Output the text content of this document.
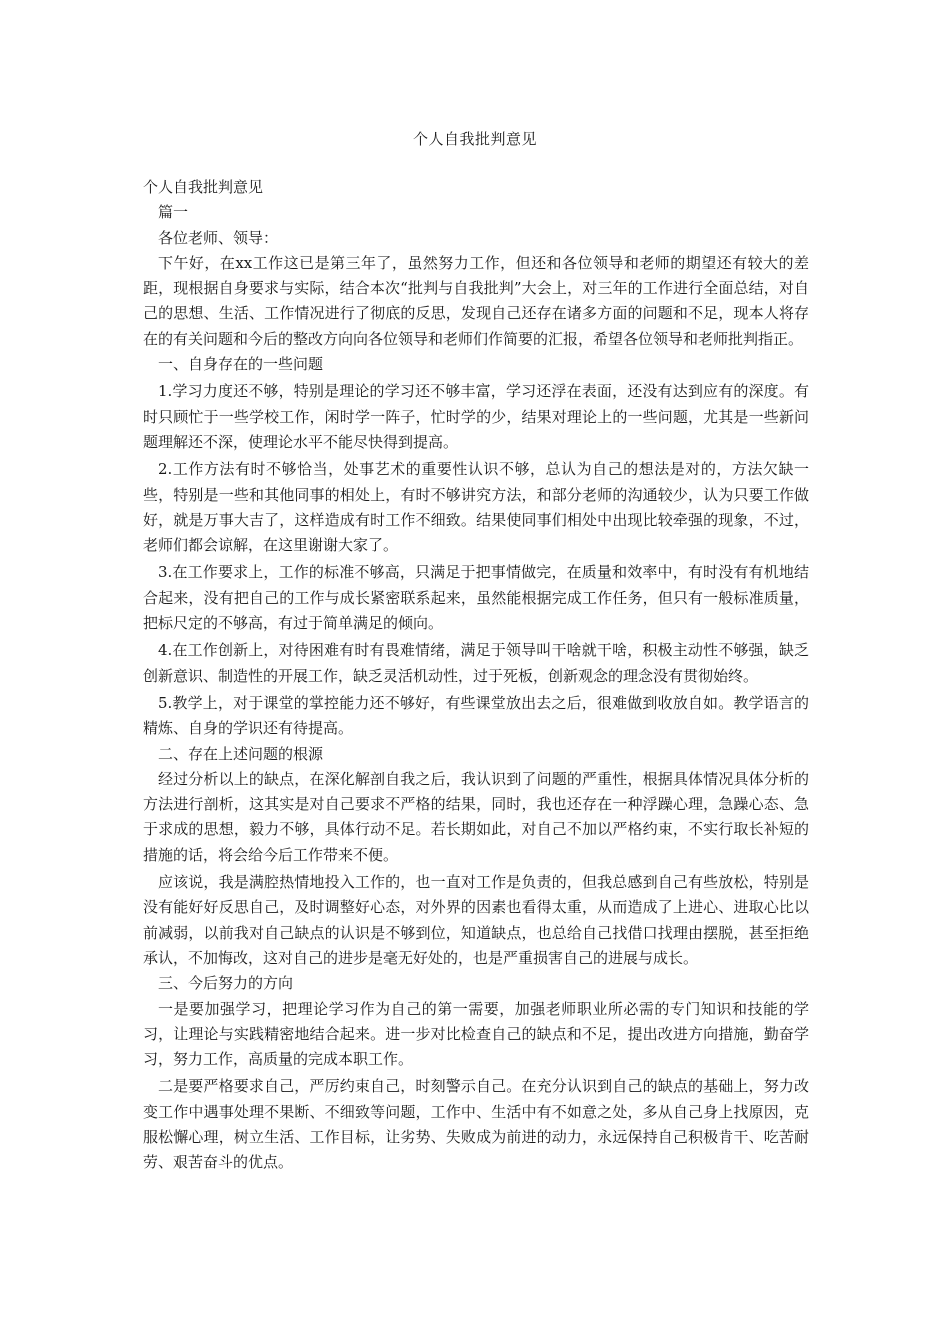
个人自我批判意见

个人自我批判意见

篇一

各位老师、领导：

下午好，在xx工作这已是第三年了，虽然努力工作，但还和各位领导和老师的期望还有较大的差距，现根据自身要求与实际，结合本次“批判与自我批判”大会上，对三年的工作进行全面总结，对自己的思想、生活、工作情况进行了彻底的反思，发现自己还存在诸多方面的问题和不足，现本人将存在的有关问题和今后的整改方向向各位领导和老师们作简要的汇报，希望各位领导和老师批判指正。

一、自身存在的一些问题

1.学习力度还不够，特别是理论的学习还不够丰富，学习还浮在表面，还没有达到应有的深度。有时只顾忙于一些学校工作，闲时学一阵子，忙时学的少，结果对理论上的一些问题，尤其是一些新问题理解还不深，使理论水平不能尽快得到提高。

2.工作方法有时不够恰当，处事艺术的重要性认识不够，总认为自己的想法是对的，方法欠缺一些，特别是一些和其他同事的相处上，有时不够讲究方法，和部分老师的沟通较少，认为只要工作做好，就是万事大吉了，这样造成有时工作不细致。结果使同事们相处中出现比较牵强的现象，不过，老师们都会谅解，在这里谢谢大家了。

3.在工作要求上，工作的标准不够高，只满足于把事情做完，在质量和效率中，有时没有有机地结合起来，没有把自己的工作与成长紧密联系起来，虽然能根据完成工作任务，但只有一般标准质量，把标尺定的不够高，有过于简单满足的倾向。

4.在工作创新上，对待困难有时有畏难情绪，满足于领导叫干啥就干啥，积极主动性不够强，缺乏创新意识、制造性的开展工作，缺乏灵活机动性，过于死板，创新观念的理念没有贯彻始终。

5.教学上，对于课堂的掌控能力还不够好，有些课堂放出去之后，很难做到收放自如。教学语言的精炼、自身的学识还有待提高。

二、存在上述问题的根源

经过分析以上的缺点，在深化解剖自我之后，我认识到了问题的严重性，根据具体情况具体分析的方法进行剖析，这其实是对自己要求不严格的结果，同时，我也还存在一种浮躁心理，急躁心态、急于求成的思想，毅力不够，具体行动不足。若长期如此，对自己不加以严格约束，不实行取长补短的措施的话，将会给今后工作带来不便。

应该说，我是满腔热情地投入工作的，也一直对工作是负责的，但我总感到自己有些放松，特别是没有能好好反思自己，及时调整好心态，对外界的因素也看得太重，从而造成了上进心、进取心比以前减弱，以前我对自己缺点的认识是不够到位，知道缺点，也总给自己找借口找理由摆脱，甚至拒绝承认，不加悔改，这对自己的进步是毫无好处的，也是严重损害自己的进展与成长。

三、今后努力的方向

一是要加强学习，把理论学习作为自己的第一需要，加强老师职业所必需的专门知识和技能的学习，让理论与实践精密地结合起来。进一步对比检查自己的缺点和不足，提出改进方向措施，勤奋学习，努力工作，高质量的完成本职工作。

二是要严格要求自己，严厉约束自己，时刻警示自己。在充分认识到自己的缺点的基础上，努力改变工作中遇事处理不果断、不细致等问题，工作中、生活中有不如意之处，多从自己身上找原因，克服松懈心理，树立生活、工作目标，让劣势、失败成为前进的动力，永远保持自己积极肯干、吃苦耐劳、艰苦奋斗的优点。
